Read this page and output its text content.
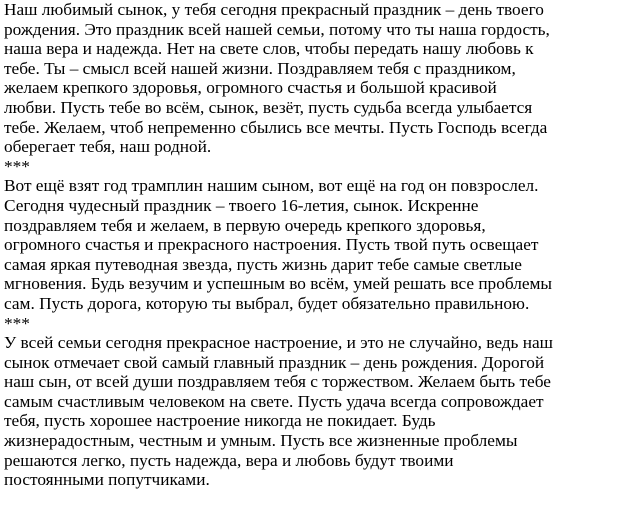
Наш любимый сынок, у тебя сегодня прекрасный праздник – день твоего
рождения. Это праздник всей нашей семьи, потому что ты наша гордость,
наша вера и надежда. Нет на свете слов, чтобы передать нашу любовь к
тебе. Ты – смысл всей нашей жизни. Поздравляем тебя с праздником,
желаем крепкого здоровья, огромного счастья и большой красивой
любви. Пусть тебе во всём, сынок, везёт, пусть судьба всегда улыбается
тебе. Желаем, чтоб непременно сбылись все мечты. Пусть Господь всегда
оберегает тебя, наш родной.
***
Вот ещё взят год трамплин нашим сыном, вот ещё на год он повзрослел.
Сегодня чудесный праздник – твоего 16-летия, сынок. Искренне
поздравляем тебя и желаем, в первую очередь крепкого здоровья,
огромного счастья и прекрасного настроения. Пусть твой путь освещает
самая яркая путеводная звезда, пусть жизнь дарит тебе самые светлые
мгновения. Будь везучим и успешным во всём, умей решать все проблемы
сам. Пусть дорога, которую ты выбрал, будет обязательно правильною.
***
У всей семьи сегодня прекрасное настроение, и это не случайно, ведь наш
сынок отмечает свой самый главный праздник – день рождения. Дорогой
наш сын, от всей души поздравляем тебя с торжеством. Желаем быть тебе
самым счастливым человеком на свете. Пусть удача всегда сопровождает
тебя, пусть хорошее настроение никогда не покидает. Будь
жизнерадостным, честным и умным. Пусть все жизненные проблемы
решаются легко, пусть надежда, вера и любовь будут твоими
постоянными попутчиками.
